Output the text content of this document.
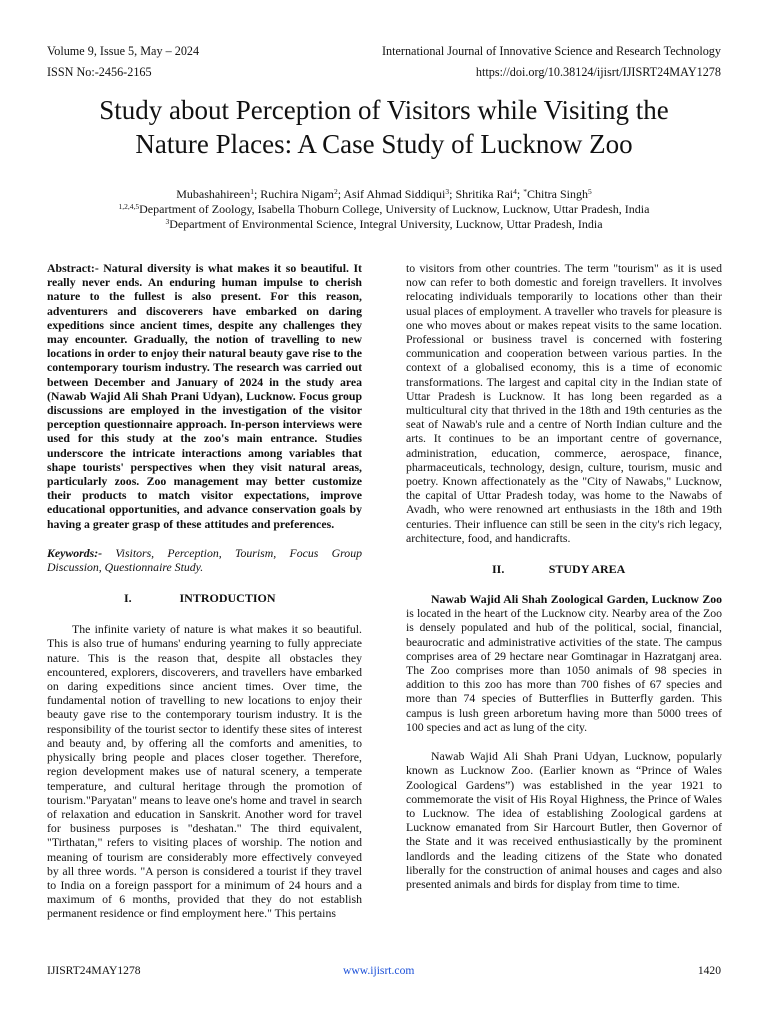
Volume 9, Issue 5, May – 2024	International Journal of Innovative Science and Research Technology
ISSN No:-2456-2165	https://doi.org/10.38124/ijisrt/IJISRT24MAY1278
Study about Perception of Visitors while Visiting the
Nature Places: A Case Study of Lucknow Zoo
Mubashahireen$^1$; Ruchira Nigam$^2$; Asif Ahmad Siddiqui$^3$; Shritika Rai$^4$; *Chitra Singh$^5$
$^{1,2,4,5}$Department of Zoology, Isabella Thoburn College, University of Lucknow, Lucknow, Uttar Pradesh, India
$^3$Department of Environmental Science, Integral University, Lucknow, Uttar Pradesh, India

Abstract:- Natural diversity is what makes it so beautiful. It really never ends. An enduring human impulse to cherish nature to the fullest is also present. For this reason, adventurers and discoverers have embarked on daring expeditions since ancient times, despite any challenges they may encounter. Gradually, the notion of travelling to new locations in order to enjoy their natural beauty gave rise to the contemporary tourism industry. The research was carried out between December and January of 2024 in the study area (Nawab Wajid Ali Shah Prani Udyan), Lucknow. Focus group discussions are employed in the investigation of the visitor perception questionnaire approach. In-person interviews were used for this study at the zoo's main entrance. Studies underscore the intricate interactions among variables that shape tourists' perspectives when they visit natural areas, particularly zoos. Zoo management may better customize their products to match visitor expectations, improve educational opportunities, and advance conservation goals by having a greater grasp of these attitudes and preferences.

Keywords:- Visitors, Perception, Tourism, Focus Group Discussion, Questionnaire Study.

I.	INTRODUCTION

The infinite variety of nature is what makes it so beautiful. This is also true of humans' enduring yearning to fully appreciate nature. This is the reason that, despite all obstacles they encountered, explorers, discoverers, and travellers have embarked on daring expeditions since ancient times. Over time, the fundamental notion of travelling to new locations to enjoy their beauty gave rise to the contemporary tourism industry. It is the responsibility of the tourist sector to identify these sites of interest and beauty and, by offering all the comforts and amenities, to physically bring people and places closer together. Therefore, region development makes use of natural scenery, a temperate temperature, and cultural heritage through the promotion of tourism."Paryatan" means to leave one's home and travel in search of relaxation and education in Sanskrit. Another word for travel for business purposes is "deshatan." The third equivalent, "Tirthatan," refers to visiting places of worship. The notion and meaning of tourism are considerably more effectively conveyed by all three words. "A person is considered a tourist if they travel to India on a foreign passport for a minimum of 24 hours and a maximum of 6 months, provided that they do not establish permanent residence or find employment here." This pertains

to visitors from other countries. The term "tourism" as it is used now can refer to both domestic and foreign travellers. It involves relocating individuals temporarily to locations other than their usual places of employment. A traveller who travels for pleasure is one who moves about or makes repeat visits to the same location. Professional or business travel is concerned with fostering communication and cooperation between various parties. In the context of a globalised economy, this is a time of economic transformations. The largest and capital city in the Indian state of Uttar Pradesh is Lucknow. It has long been regarded as a multicultural city that thrived in the 18th and 19th centuries as the seat of Nawab's rule and a centre of North Indian culture and the arts. It continues to be an important centre of governance, administration, education, commerce, aerospace, finance, pharmaceuticals, technology, design, culture, tourism, music and poetry. Known affectionately as the "City of Nawabs," Lucknow, the capital of Uttar Pradesh today, was home to the Nawabs of Avadh, who were renowned art enthusiasts in the 18th and 19th centuries. Their influence can still be seen in the city's rich legacy, architecture, food, and handicrafts.

II.	STUDY AREA

Nawab Wajid Ali Shah Zoological Garden, Lucknow Zoo is located in the heart of the Lucknow city. Nearby area of the Zoo is densely populated and hub of the political, social, financial, beaurocratic and administrative activities of the state. The campus comprises area of 29 hectare near Gomtinagar in Hazratganj area. The Zoo comprises more than 1050 animals of 98 species in addition to this zoo has more than 700 fishes of 67 species and more than 74 species of Butterflies in Butterfly garden. This campus is lush green arboretum having more than 5000 trees of 100 species and act as lung of the city.

Nawab Wajid Ali Shah Prani Udyan, Lucknow, popularly known as Lucknow Zoo. (Earlier known as “Prince of Wales Zoological Gardens”) was established in the year 1921 to commemorate the visit of His Royal Highness, the Prince of Wales to Lucknow. The idea of establishing Zoological gardens at Lucknow emanated from Sir Harcourt Butler, then Governor of the State and it was received enthusiastically by the prominent landlords and the leading citizens of the State who donated liberally for the construction of animal houses and cages and also presented animals and birds for display from time to time.

IJISRT24MAY1278	www.ijisrt.com	1420
